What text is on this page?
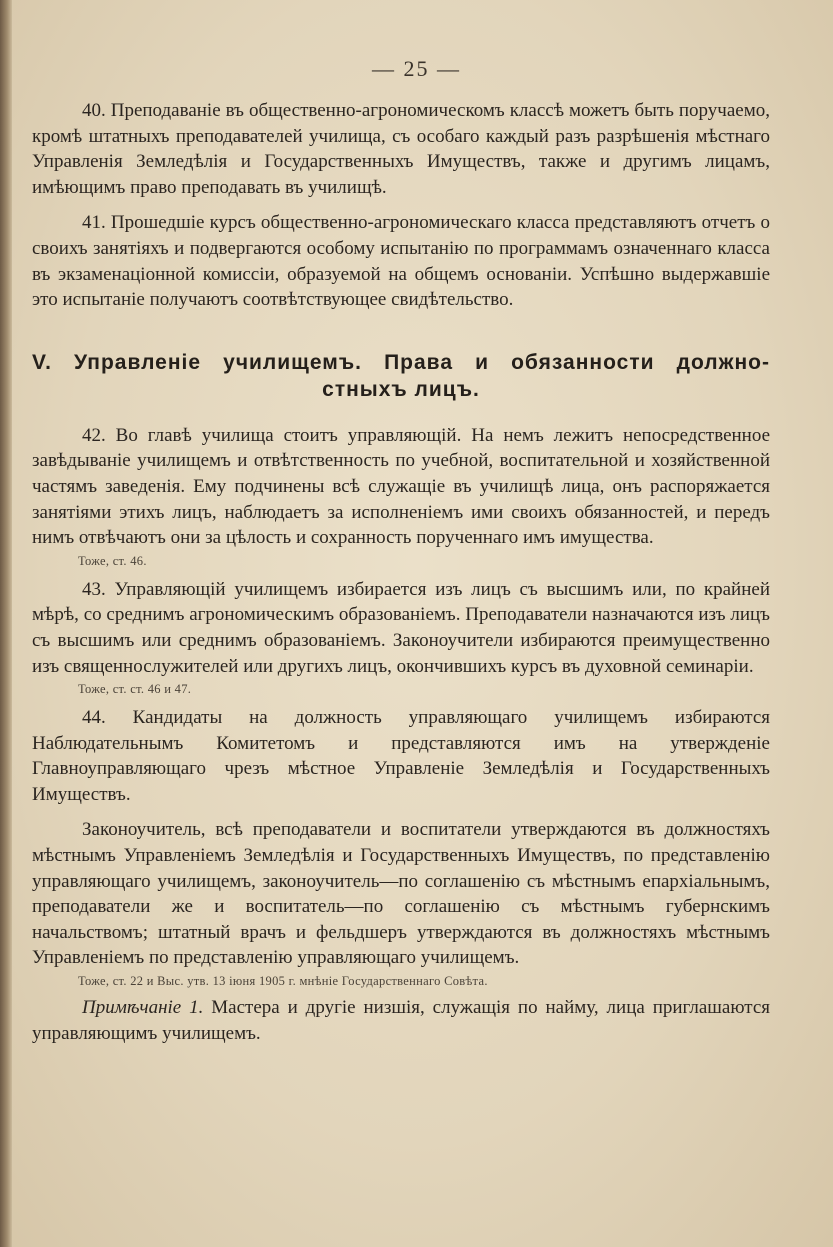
— 25 —

40. Преподаваніе въ общественно-агрономическомъ классѣ можетъ быть поручаемо, кромѣ штатныхъ преподавателей училища, съ особаго каждый разъ разрѣшенія мѣстнаго Управленія Земледѣлія и Государственныхъ Имуществъ, также и другимъ лицамъ, имѣющимъ право преподавать въ училищѣ.

41. Прошедшіе курсъ общественно-агрономическаго класса представляютъ отчетъ о своихъ занятіяхъ и подвергаются особому испытанію по программамъ означеннаго класса въ экзаменаціонной комиссіи, образуемой на общемъ основаніи. Успѣшно выдержавшіе это испытаніе получаютъ соотвѣтствующее свидѣтельство.

V. Управленіе училищемъ. Права и обязанности должно-
стныхъ лицъ.

42. Во главѣ училища стоитъ управляющій. На немъ лежитъ непосредственное завѣдываніе училищемъ и отвѣтственность по учебной, воспитательной и хозяйственной частямъ заведенія. Ему подчинены всѣ служащіе въ училищѣ лица, онъ распоряжается занятіями этихъ лицъ, наблюдаетъ за исполненіемъ ими своихъ обязанностей, и передъ нимъ отвѣчаютъ они за цѣлость и сохранность порученнаго имъ имущества.

Тоже, ст. 46.

43. Управляющій училищемъ избирается изъ лицъ съ высшимъ или, по крайней мѣрѣ, со среднимъ агрономическимъ образованіемъ. Преподаватели назначаются изъ лицъ съ высшимъ или среднимъ образованіемъ. Законоучители избираются преимущественно изъ священнослужителей или другихъ лицъ, окончившихъ курсъ въ духовной семинаріи.

Тоже, ст. ст. 46 и 47.

44. Кандидаты на должность управляющаго училищемъ избираются Наблюдательнымъ Комитетомъ и представляются имъ на утвержденіе Главноуправляющаго чрезъ мѣстное Управленіе Земледѣлія и Государственныхъ Имуществъ.

Законоучитель, всѣ преподаватели и воспитатели утверждаются въ должностяхъ мѣстнымъ Управленіемъ Земледѣлія и Государственныхъ Имуществъ, по представленію управляющаго училищемъ, законоучитель—по соглашенію съ мѣстнымъ епархіальнымъ, преподаватели же и воспитатель—по соглашенію съ мѣстнымъ губернскимъ начальствомъ; штатный врачъ и фельдшеръ утверждаются въ должностяхъ мѣстнымъ Управленіемъ по представленію управляющаго училищемъ.

Тоже, ст. 22 и Выс. утв. 13 іюня 1905 г. мнѣніе Государственнаго Совѣта.

Примѣчаніе 1. Мастера и другіе низшія, служащія по найму, лица приглашаются управляющимъ училищемъ.
